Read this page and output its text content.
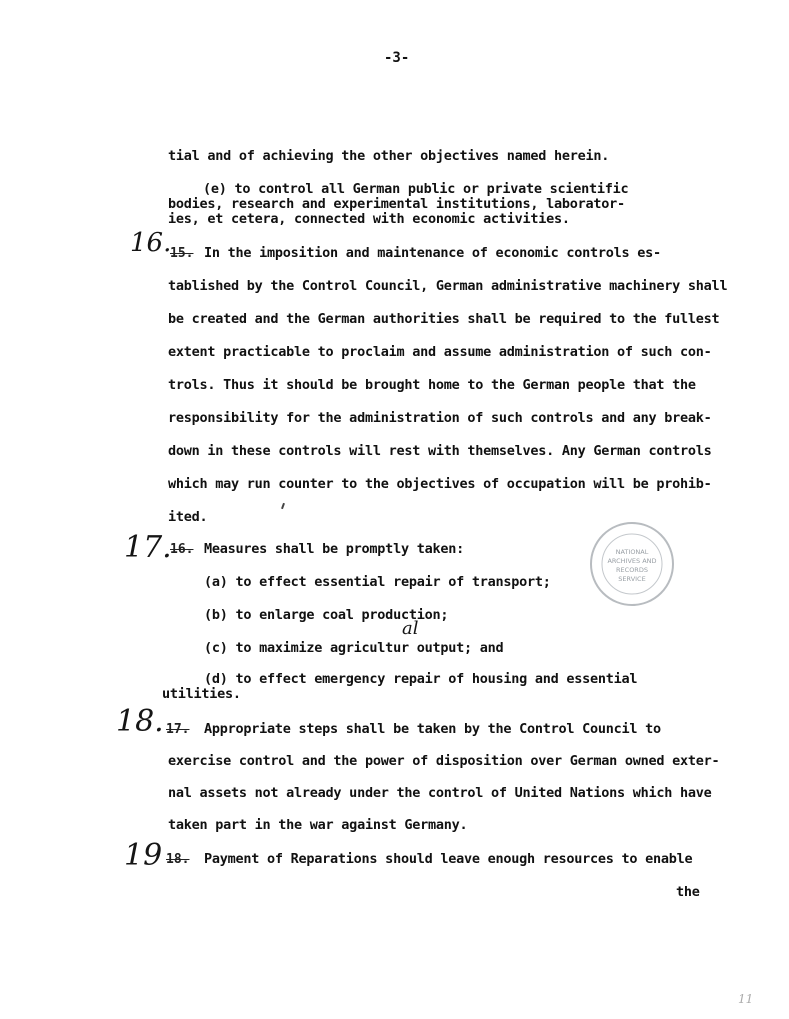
-3-
tial and of achieving the other objectives named herein.
(e) to control all German public or private scientific
bodies, research and experimental institutions, laborator-
ies, et cetera, connected with economic activities.
16.
15. In the imposition and maintenance of economic controls es-
tablished by the Control Council, German administrative machinery shall
be created and the German authorities shall be required to the fullest
extent practicable to proclaim and assume administration of such con-
trols. Thus it should be brought home to the German people that the
responsibility for the administration of such controls and any break-
down in these controls will rest with themselves. Any German controls
which may run counter to the objectives of occupation will be prohib-
ited.
17.
16. Measures shall be promptly taken:
(a) to effect essential repair of transport;
(b) to enlarge coal production;
al
(c) to maximize agricultur output; and
(d) to effect emergency repair of housing and essential
utilities.
18. 17. Appropriate steps shall be taken by the Control Council to
exercise control and the power of disposition over German owned exter-
nal assets not already under the control of United Nations which have
taken part in the war against Germany.
19 18. Payment of Reparations should leave enough resources to enable
the
NATIONAL
ARCHIVES AND
RECORDS
SERVICE
11
